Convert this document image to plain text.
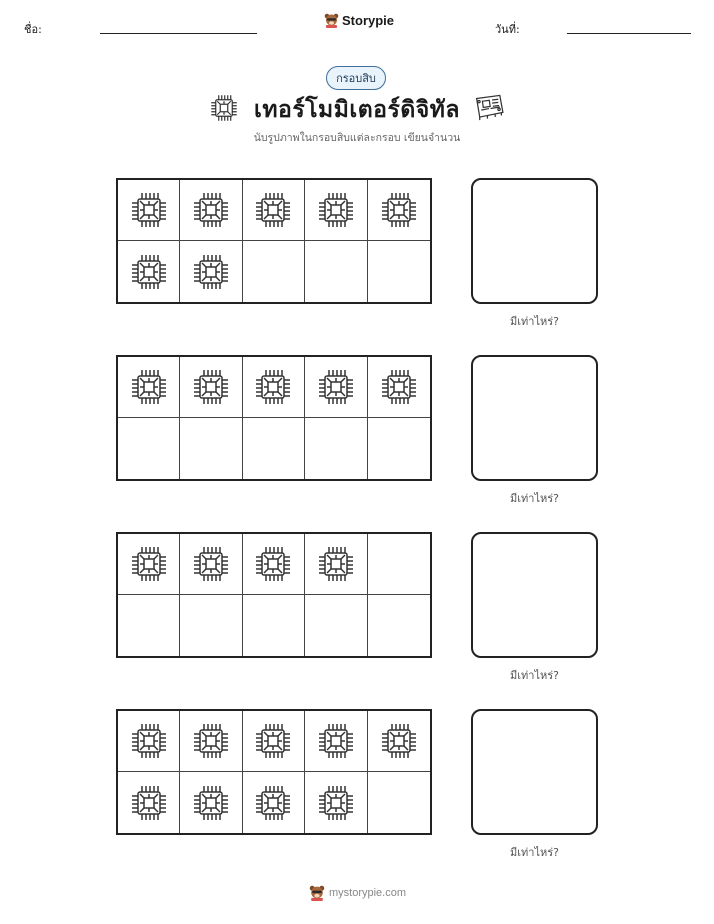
ชื่อ:
Storypie
วันที่:
กรอบสิบ
เทอร์โมมิเตอร์ดิจิทัล
นับรูปภาพในกรอบสิบแต่ละกรอบ เขียนจำนวน
มีเท่าไหร่?
มีเท่าไหร่?
มีเท่าไหร่?
มีเท่าไหร่?
mystorypie.com
